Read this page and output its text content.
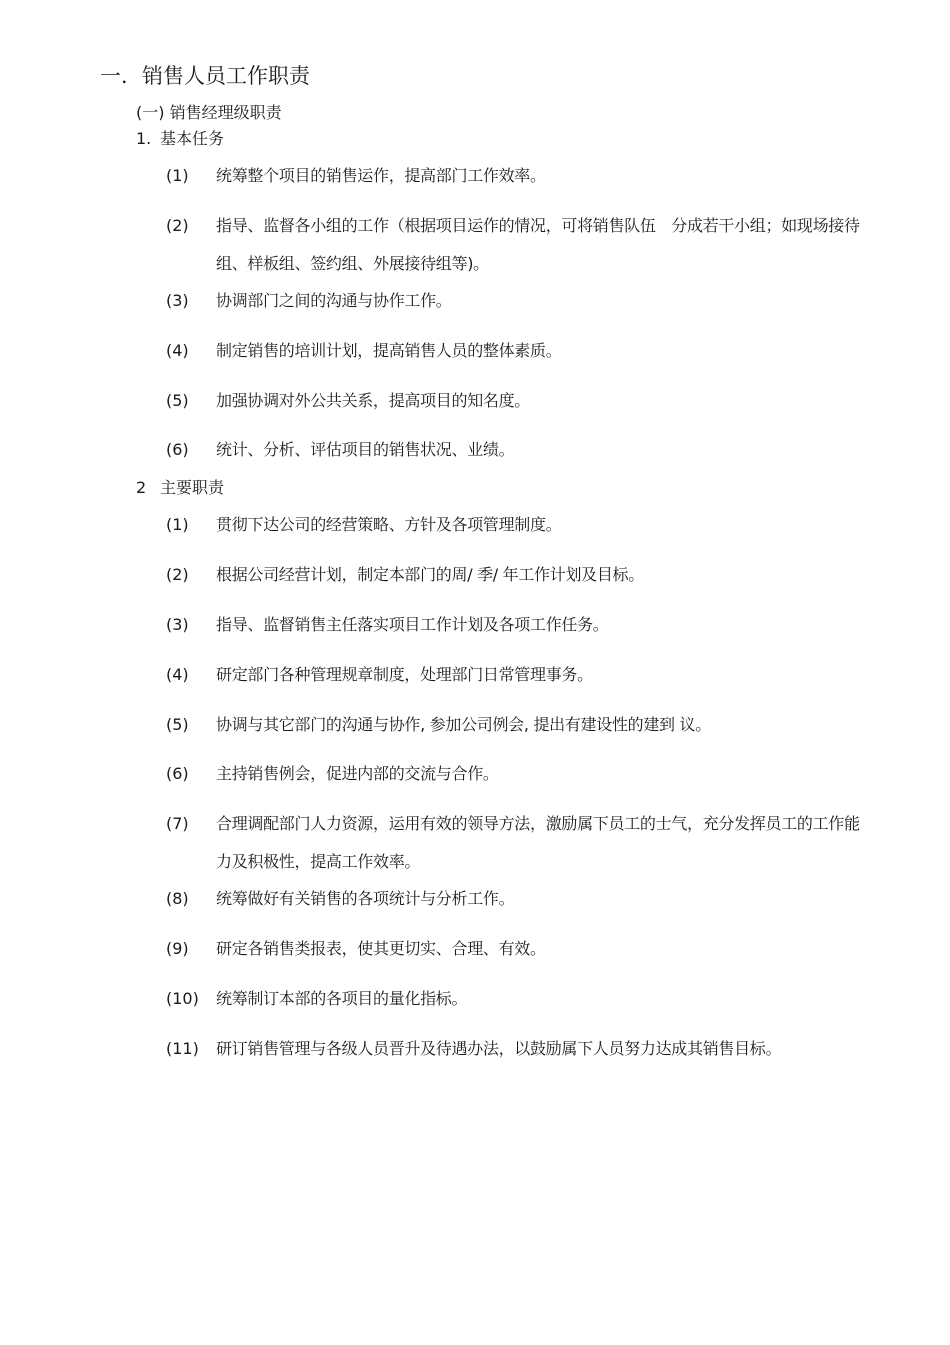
一．销售人员工作职责
(一) 销售经理级职责
1. 基本任务
(1)	统筹整个项目的销售运作，提高部门工作效率。
(2)	指导、监督各小组的工作（根据项目运作的情况，可将销售队伍　分成若干小组；如现场接待组、样板组、签约组、外展接待组等)。
(3)	协调部门之间的沟通与协作工作。
(4)	制定销售的培训计划，提高销售人员的整体素质。
(5)	加强协调对外公共关系，提高项目的知名度。
(6)	统计、分析、评估项目的销售状况、业绩。
2 主要职责
(1)	贯彻下达公司的经营策略、方针及各项管理制度。
(2)	根据公司经营计划，制定本部门的周/ 季/ 年工作计划及目标。
(3)	指导、监督销售主任落实项目工作计划及各项工作任务。
(4)	研定部门各种管理规章制度，处理部门日常管理事务。
(5)	协调与其它部门的沟通与协作, 参加公司例会, 提出有建设性的建到 议。
(6)	主持销售例会，促进内部的交流与合作。
(7)	合理调配部门人力资源，运用有效的领导方法，激励属下员工的士气，充分发挥员工的工作能力及积极性，提高工作效率。
(8)	统筹做好有关销售的各项统计与分析工作。
(9)	研定各销售类报表，使其更切实、合理、有效。
(10)	统筹制订本部的各项目的量化指标。
(11)	研订销售管理与各级人员晋升及待遇办法，以鼓励属下人员努力达成其销售目标。
